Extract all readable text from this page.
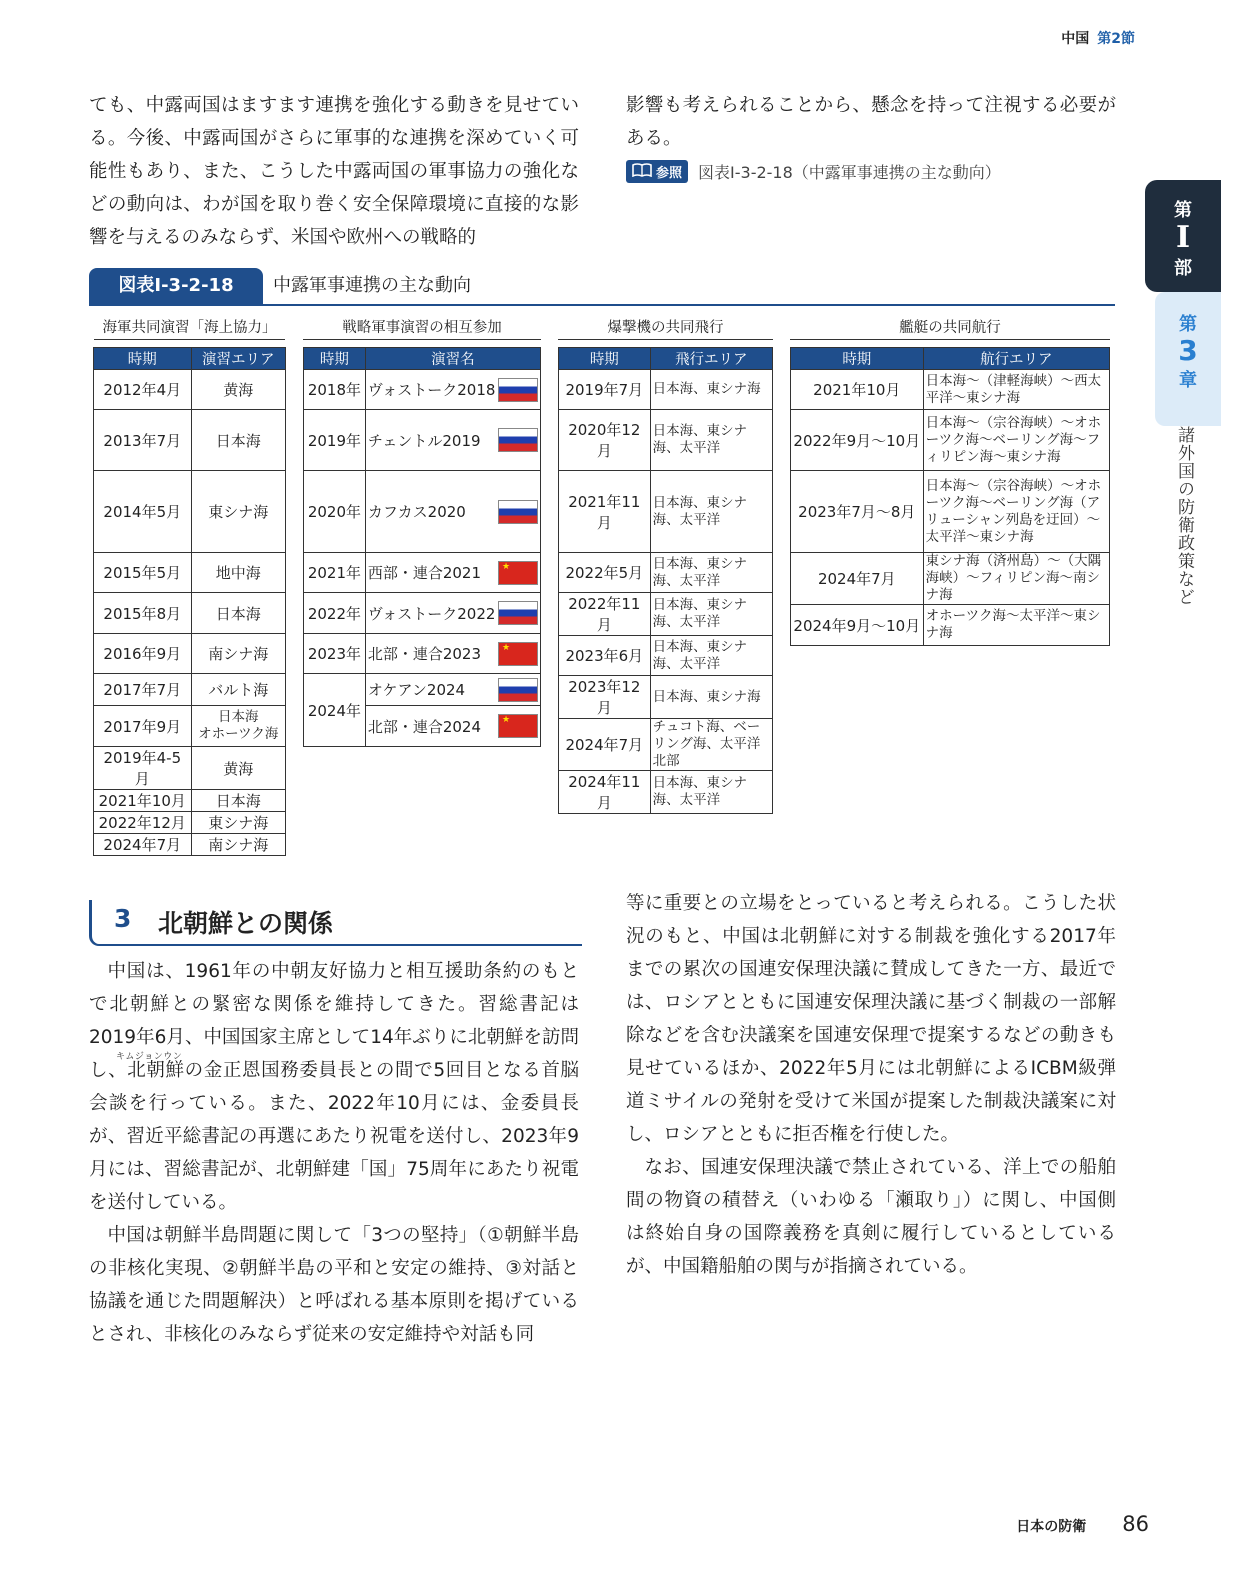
中国 第2節

ても、中露両国はますます連携を強化する動きを見せている。今後、中露両国がさらに軍事的な連携を深めていく可能性もあり、また、こうした中露両国の軍事協力の強化などの動向は、わが国を取り巻く安全保障環境に直接的な影響を与えるのみならず、米国や欧州への戦略的

影響も考えられることから、懸念を持って注視する必要がある。

参照 図表Ⅰ-3-2-18（中露軍事連携の主な動向）
第
I
部
第
3
章
諸外国の防衛政策など
図表Ⅰ-3-2-18	中露軍事連携の主な動向
海軍共同演習「海上協力」	戦略軍事演習の相互参加	爆撃機の共同飛行	艦艇の共同航行
時期	演習エリア
2012年4月	黄海
2013年7月	日本海
2014年5月	東シナ海
2015年5月	地中海
2015年8月	日本海
2016年9月	南シナ海
2017年7月	バルト海
2017年9月	日本海
オホーツク海
2019年4-5月	黄海
2021年10月	日本海
2022年12月	東シナ海
2024年7月	南シナ海
時期	演習名
2018年	ヴォストーク2018

2019年	チェントル2019

2020年	カフカス2020

2021年	西部・連合2021
★

2022年	ヴォストーク2022

2023年	北部・連合2023
★

2024年	オケアン2024

	北部・連合2024
★
時期	飛行エリア
2019年7月	日本海、東シナ海
2020年12月	日本海、東シナ海、太平洋
2021年11月	日本海、東シナ海、太平洋
2022年5月	日本海、東シナ海、太平洋
2022年11月	日本海、東シナ海、太平洋
2023年6月	日本海、東シナ海、太平洋
2023年12月	日本海、東シナ海
2024年7月	チュコト海、ベーリング海、太平洋北部
2024年11月	日本海、東シナ海、太平洋
時期	航行エリア
2021年10月	日本海～（津軽海峡）～西太平洋～東シナ海
2022年9月～10月	日本海～（宗谷海峡）～オホーツク海～ベーリング海～フィリピン海～東シナ海
2023年7月～8月	日本海～（宗谷海峡）～オホーツク海～ベーリング海（アリューシャン列島を迂回）～太平洋～東シナ海
2024年7月	東シナ海（済州島）～（大隅海峡）～フィリピン海～南シナ海
2024年9月～10月	オホーツク海～太平洋～東シナ海
3 北朝鮮との関係
キムジョンウン

中国は、1961年の中朝友好協力と相互援助条約のもとで北朝鮮との緊密な関係を維持してきた。習総書記は2019年6月、中国国家主席として14年ぶりに北朝鮮を訪問し、北朝鮮の金正恩国務委員長との間で5回目となる首脳会談を行っている。また、2022年10月には、金委員長が、習近平総書記の再選にあたり祝電を送付し、2023年9月には、習総書記が、北朝鮮建「国」75周年にあたり祝電を送付している。

中国は朝鮮半島問題に関して「3つの堅持」（①朝鮮半島の非核化実現、②朝鮮半島の平和と安定の維持、③対話と協議を通じた問題解決）と呼ばれる基本原則を掲げているとされ、非核化のみならず従来の安定維持や対話も同

等に重要との立場をとっていると考えられる。こうした状況のもと、中国は北朝鮮に対する制裁を強化する2017年までの累次の国連安保理決議に賛成してきた一方、最近では、ロシアとともに国連安保理決議に基づく制裁の一部解除などを含む決議案を国連安保理で提案するなどの動きも見せているほか、2022年5月には北朝鮮によるICBM級弾道ミサイルの発射を受けて米国が提案した制裁決議案に対し、ロシアとともに拒否権を行使した。

なお、国連安保理決議で禁止されている、洋上での船舶間の物資の積替え（いわゆる「瀬取り」）に関し、中国側は終始自身の国際義務を真剣に履行しているとしているが、中国籍船舶の関与が指摘されている。

日本の防衛 86
